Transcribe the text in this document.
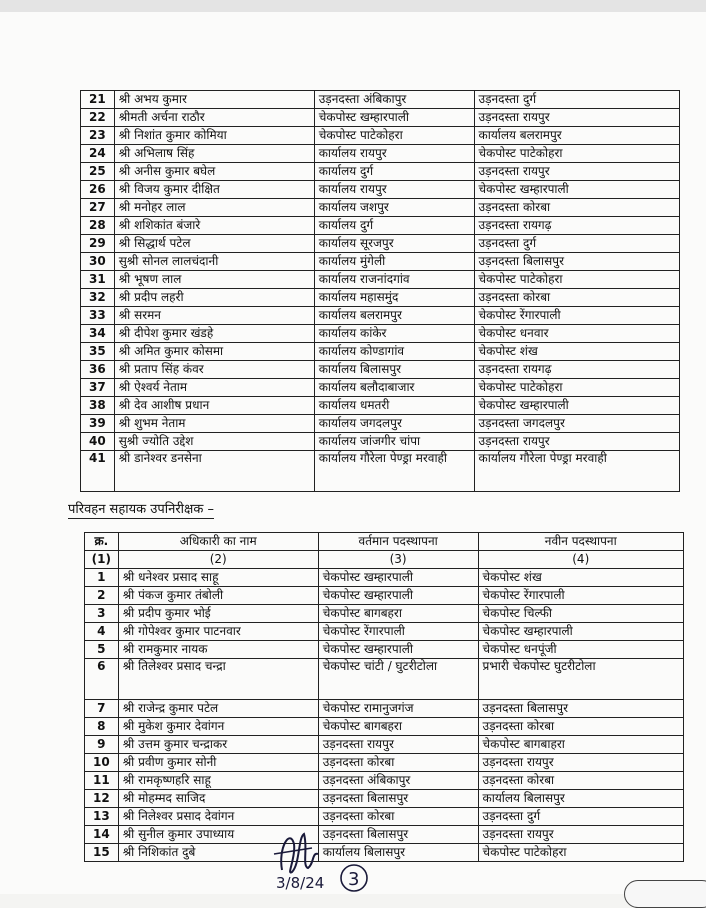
21	श्री अभय कुमार	उड़नदस्ता अंबिकापुर	उड़नदस्ता दुर्ग
22	श्रीमती अर्चना राठौर	चेकपोस्ट खम्हारपाली	उड़नदस्ता रायपुर
23	श्री निशांत कुमार कोमिया	चेकपोस्ट पाटेकोहरा	कार्यालय बलरामपुर
24	श्री अभिलाष सिंह	कार्यालय रायपुर	चेकपोस्ट पाटेकोहरा
25	श्री अनीस कुमार बघेल	कार्यालय दुर्ग	उड़नदस्ता रायपुर
26	श्री विजय कुमार दीक्षित	कार्यालय रायपुर	चेकपोस्ट खम्हारपाली
27	श्री मनोहर लाल	कार्यालय जशपुर	उड़नदस्ता कोरबा
28	श्री शशिकांत बंजारे	कार्यालय दुर्ग	उड़नदस्ता रायगढ़
29	श्री सिद्धार्थ पटेल	कार्यालय सूरजपुर	उड़नदस्ता दुर्ग
30	सुश्री सोनल लालचंदानी	कार्यालय मुंगेली	उड़नदस्ता बिलासपुर
31	श्री भूषण लाल	कार्यालय राजनांदगांव	चेकपोस्ट पाटेकोहरा
32	श्री प्रदीप लहरी	कार्यालय महासमुंद	उड़नदस्ता कोरबा
33	श्री सरमन	कार्यालय बलरामपुर	चेकपोस्ट रेंगारपाली
34	श्री दीपेश कुमार खंडहे	कार्यालय कांकेर	चेकपोस्ट धनवार
35	श्री अमित कुमार कोसमा	कार्यालय कोण्डागांव	चेकपोस्ट शंख
36	श्री प्रताप सिंह कंवर	कार्यालय बिलासपुर	उड़नदस्ता रायगढ़
37	श्री ऐश्वर्य नेताम	कार्यालय बलौदाबाजार	चेकपोस्ट पाटेकोहरा
38	श्री देव आशीष प्रधान	कार्यालय धमतरी	चेकपोस्ट खम्हारपाली
39	श्री शुभम नेताम	कार्यालय जगदलपुर	उड़नदस्ता जगदलपुर
40	सुश्री ज्योति उद्देश	कार्यालय जांजगीर चांपा	उड़नदस्ता रायपुर
41	श्री डानेश्वर डनसेना	कार्यालय गौरेला पेण्ड्रा मरवाही	कार्यालय गौरेला पेण्ड्रा मरवाही
परिवहन सहायक उपनिरीक्षक –
क्र.	अधिकारी का नाम	वर्तमान पदस्थापना	नवीन पदस्थापना
(1)	(2)	(3)	(4)
1	श्री धनेश्वर प्रसाद साहू	चेकपोस्ट खम्हारपाली	चेकपोस्ट शंख
2	श्री पंकज कुमार तंबोली	चेकपोस्ट खम्हारपाली	चेकपोस्ट रेंगारपाली
3	श्री प्रदीप कुमार भोई	चेकपोस्ट बागबहरा	चेकपोस्ट चिल्फी
4	श्री गोपेश्वर कुमार पाटनवार	चेकपोस्ट रेंगारपाली	चेकपोस्ट खम्हारपाली
5	श्री रामकुमार नायक	चेकपोस्ट खम्हारपाली	चेकपोस्ट धनपूंजी
6	श्री तिलेश्वर प्रसाद चन्द्रा	चेकपोस्ट चांटी / घुटरीटोला	प्रभारी चेकपोस्ट घुटरीटोला
7	श्री राजेन्द्र कुमार पटेल	चेकपोस्ट रामानुजगंज	उड़नदस्ता बिलासपुर
8	श्री मुकेश कुमार देवांगन	चेकपोस्ट बागबहरा	उड़नदस्ता कोरबा
9	श्री उत्तम कुमार चन्द्राकर	उड़नदस्ता रायपुर	चेकपोस्ट बागबाहरा
10	श्री प्रवीण कुमार सोनी	उड़नदस्ता कोरबा	उड़नदस्ता रायपुर
11	श्री रामकृष्णहरि साहू	उड़नदस्ता अंबिकापुर	उड़नदस्ता कोरबा
12	श्री मोहम्मद साजिद	उड़नदस्ता बिलासपुर	कार्यालय बिलासपुर
13	श्री निलेश्वर प्रसाद देवांगन	उड़नदस्ता कोरबा	उड़नदस्ता दुर्ग
14	श्री सुनील कुमार उपाध्याय	उड़नदस्ता बिलासपुर	उड़नदस्ता रायपुर
15	श्री निशिकांत दुबे	कार्यालय बिलासपुर	चेकपोस्ट पाटेकोहरा
3/8/24 3
